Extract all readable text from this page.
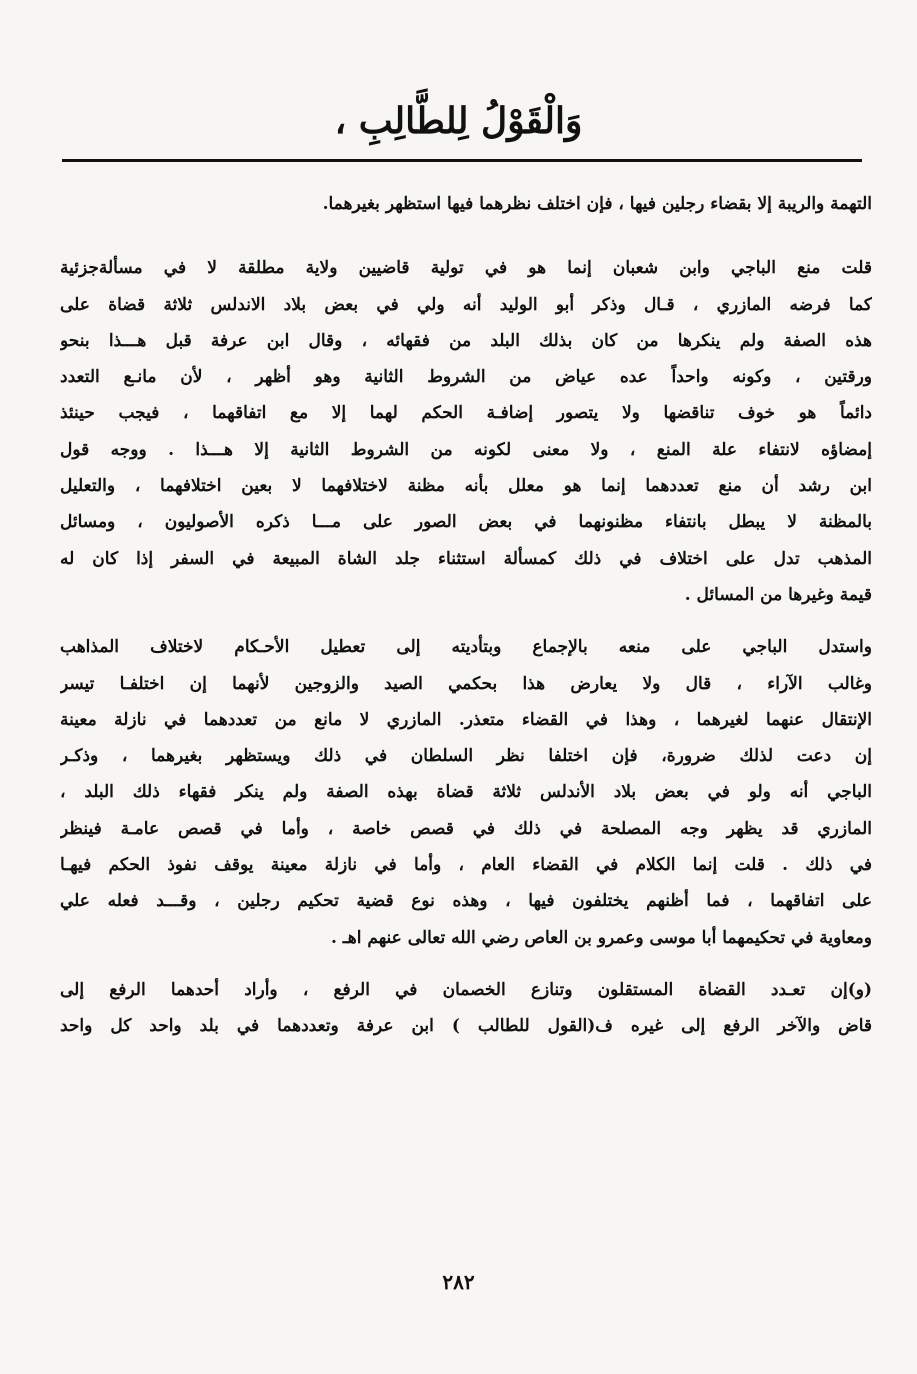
وَالْقَوْلُ لِلطَّالِبِ ،
التهمة والريبة إلا بقضاء رجلين فيها ، فإن اختلف نظرهما فيها استظهر بغيرهما.
قلت منع الباجي وابن شعبان إنما هو في تولية قاضيين ولاية مطلقة لا في مسألةجزئية
كما فرضه المازري ، قـال وذكر أبو الوليد أنه ولي في بعض بلاد الاندلس ثلاثة قضاة على
هذه الصفة ولم ينكرها من كان بذلك البلد من فقهائه ، وقال ابن عرفة قبل هـــذا بنحو
ورقتين ، وكونه واحداً عده عياض من الشروط الثانية وهو أظهر ، لأن مانـع التعدد
دائماً هو خوف تناقضها ولا يتصور إضافـة الحكم لهما إلا مع اتفاقهما ، فيجب حينئذ
إمضاؤه لانتفاء علة المنع ، ولا معنى لكونه من الشروط الثانية إلا هـــذا . ووجه قول
ابن رشد أن منع تعددهما إنما هو معلل بأنه مظنة لاختلافهما لا بعين اختلافهما ، والتعليل
بالمظنة لا يبطل بانتفاء مظنونهما في بعض الصور على مـــا ذكره الأصوليون ، ومسائل
المذهب تدل على اختلاف في ذلك كمسألة استثناء جلد الشاة المبيعة في السفر إذا كان له
قيمة وغيرها من المسائل .
واستدل الباجي على منعه بالإجماع وبتأديته إلى تعطيل الأحـكام لاختلاف المذاهب
وغالب الآراء ، قال ولا يعارض هذا بحكمي الصيد والزوجين لأنهما إن اختلفـا تيسر
الإنتقال عنهما لغيرهما ، وهذا في القضاء متعذر. المازري لا مانع من تعددهما في نازلة معينة
إن دعت لذلك ضرورة، فإن اختلفا نظر السلطان في ذلك ويستظهر بغيرهما ، وذكـر
الباجي أنه ولو في بعض بلاد الأندلس ثلاثة قضاة بهذه الصفة ولم ينكر فقهاء ذلك البلد ،
المازري قد يظهر وجه المصلحة في ذلك في قصص خاصة ، وأما في قصص عامـة فينظر
في ذلك . قلت إنما الكلام في القضاء العام ، وأما في نازلة معينة يوقف نفوذ الحكم فيهـا
على اتفاقهما ، فما أظنهم يختلفون فيها ، وهذه نوع قضية تحكيم رجلين ، وقـــد فعله علي
ومعاوية في تحكيمهما أبا موسى وعمرو بن العاص رضي الله تعالى عنهم اهـ .
(و)إن تعـدد القضاة المستقلون وتنازع الخصمان في الرفع ، وأراد أحدهما الرفع إلى
قاض والآخر الرفع إلى غيره ف(القول للطالب ) ابن عرفة وتعددهما في بلد واحد كل واحد
٢٨٢
